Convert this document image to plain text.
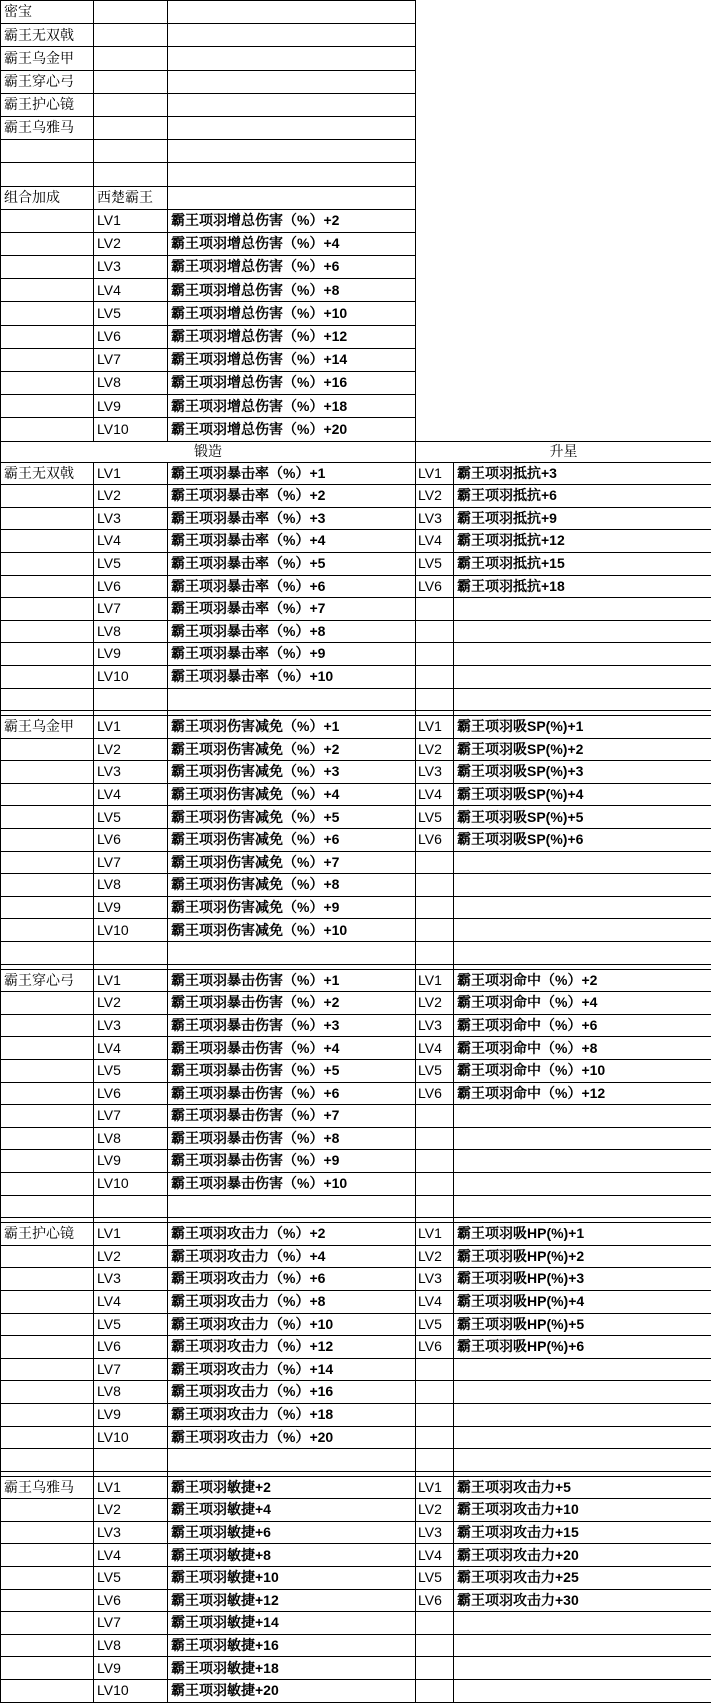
密宝				
霸王无双戟				
霸王乌金甲				
霸王穿心弓				
霸王护心镜				
霸王乌雅马				

组合加成	西楚霸王			
	LV1	霸王项羽增总伤害（%）+2		
	LV2	霸王项羽增总伤害（%）+4		
	LV3	霸王项羽增总伤害（%）+6		
	LV4	霸王项羽增总伤害（%）+8		
	LV5	霸王项羽增总伤害（%）+10		
	LV6	霸王项羽增总伤害（%）+12		
	LV7	霸王项羽增总伤害（%）+14		
	LV8	霸王项羽增总伤害（%）+16		
	LV9	霸王项羽增总伤害（%）+18		
	LV10	霸王项羽增总伤害（%）+20		
锻造			升星	
霸王无双戟	LV1	霸王项羽暴击率（%）+1	LV1	霸王项羽抵抗+3
	LV2	霸王项羽暴击率（%）+2	LV2	霸王项羽抵抗+6
	LV3	霸王项羽暴击率（%）+3	LV3	霸王项羽抵抗+9
	LV4	霸王项羽暴击率（%）+4	LV4	霸王项羽抵抗+12
	LV5	霸王项羽暴击率（%）+5	LV5	霸王项羽抵抗+15
	LV6	霸王项羽暴击率（%）+6	LV6	霸王项羽抵抗+18
	LV7	霸王项羽暴击率（%）+7		
	LV8	霸王项羽暴击率（%）+8		
	LV9	霸王项羽暴击率（%）+9		
	LV10	霸王项羽暴击率（%）+10		

霸王乌金甲	LV1	霸王项羽伤害减免（%）+1	LV1	霸王项羽吸SP(%)+1
	LV2	霸王项羽伤害减免（%）+2	LV2	霸王项羽吸SP(%)+2
	LV3	霸王项羽伤害减免（%）+3	LV3	霸王项羽吸SP(%)+3
	LV4	霸王项羽伤害减免（%）+4	LV4	霸王项羽吸SP(%)+4
	LV5	霸王项羽伤害减免（%）+5	LV5	霸王项羽吸SP(%)+5
	LV6	霸王项羽伤害减免（%）+6	LV6	霸王项羽吸SP(%)+6
	LV7	霸王项羽伤害减免（%）+7		
	LV8	霸王项羽伤害减免（%）+8		
	LV9	霸王项羽伤害减免（%）+9		
	LV10	霸王项羽伤害减免（%）+10		

霸王穿心弓	LV1	霸王项羽暴击伤害（%）+1	LV1	霸王项羽命中（%）+2
	LV2	霸王项羽暴击伤害（%）+2	LV2	霸王项羽命中（%）+4
	LV3	霸王项羽暴击伤害（%）+3	LV3	霸王项羽命中（%）+6
	LV4	霸王项羽暴击伤害（%）+4	LV4	霸王项羽命中（%）+8
	LV5	霸王项羽暴击伤害（%）+5	LV5	霸王项羽命中（%）+10
	LV6	霸王项羽暴击伤害（%）+6	LV6	霸王项羽命中（%）+12
	LV7	霸王项羽暴击伤害（%）+7		
	LV8	霸王项羽暴击伤害（%）+8		
	LV9	霸王项羽暴击伤害（%）+9		
	LV10	霸王项羽暴击伤害（%）+10		

霸王护心镜	LV1	霸王项羽攻击力（%）+2	LV1	霸王项羽吸HP(%)+1
	LV2	霸王项羽攻击力（%）+4	LV2	霸王项羽吸HP(%)+2
	LV3	霸王项羽攻击力（%）+6	LV3	霸王项羽吸HP(%)+3
	LV4	霸王项羽攻击力（%）+8	LV4	霸王项羽吸HP(%)+4
	LV5	霸王项羽攻击力（%）+10	LV5	霸王项羽吸HP(%)+5
	LV6	霸王项羽攻击力（%）+12	LV6	霸王项羽吸HP(%)+6
	LV7	霸王项羽攻击力（%）+14		
	LV8	霸王项羽攻击力（%）+16		
	LV9	霸王项羽攻击力（%）+18		
	LV10	霸王项羽攻击力（%）+20		

霸王乌雅马	LV1	霸王项羽敏捷+2	LV1	霸王项羽攻击力+5
	LV2	霸王项羽敏捷+4	LV2	霸王项羽攻击力+10
	LV3	霸王项羽敏捷+6	LV3	霸王项羽攻击力+15
	LV4	霸王项羽敏捷+8	LV4	霸王项羽攻击力+20
	LV5	霸王项羽敏捷+10	LV5	霸王项羽攻击力+25
	LV6	霸王项羽敏捷+12	LV6	霸王项羽攻击力+30
	LV7	霸王项羽敏捷+14		
	LV8	霸王项羽敏捷+16		
	LV9	霸王项羽敏捷+18		
	LV10	霸王项羽敏捷+20		
